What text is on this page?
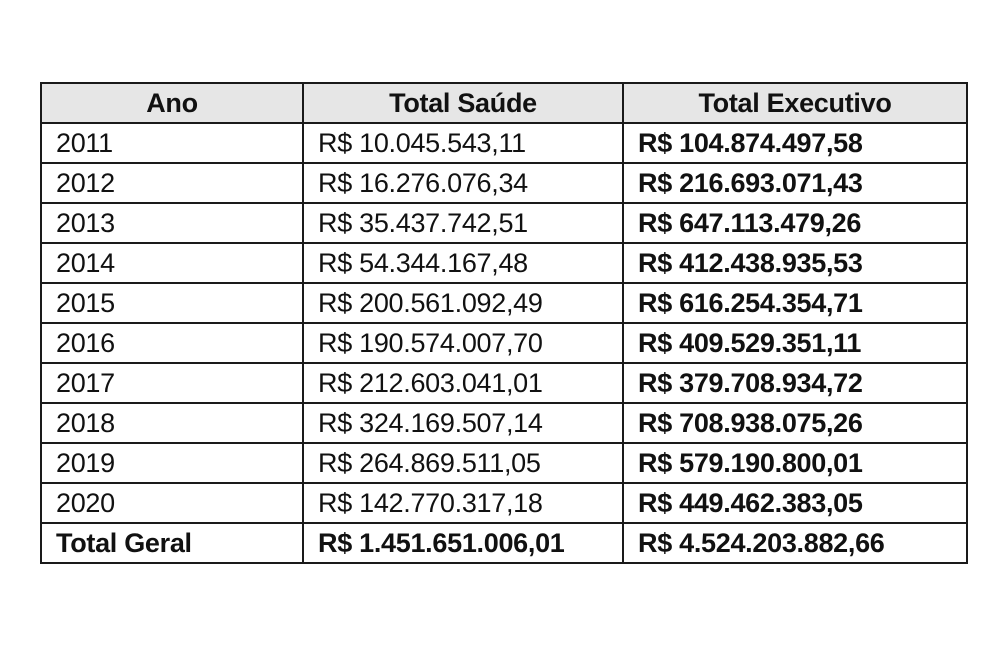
Ano	Total Saúde	Total Executivo
2011	R$ 10.045.543,11	R$ 104.874.497,58
2012	R$ 16.276.076,34	R$ 216.693.071,43
2013	R$ 35.437.742,51	R$ 647.113.479,26
2014	R$ 54.344.167,48	R$ 412.438.935,53
2015	R$ 200.561.092,49	R$ 616.254.354,71
2016	R$ 190.574.007,70	R$ 409.529.351,11
2017	R$ 212.603.041,01	R$ 379.708.934,72
2018	R$ 324.169.507,14	R$ 708.938.075,26
2019	R$ 264.869.511,05	R$ 579.190.800,01
2020	R$ 142.770.317,18	R$ 449.462.383,05
Total Geral	R$ 1.451.651.006,01	R$ 4.524.203.882,66
